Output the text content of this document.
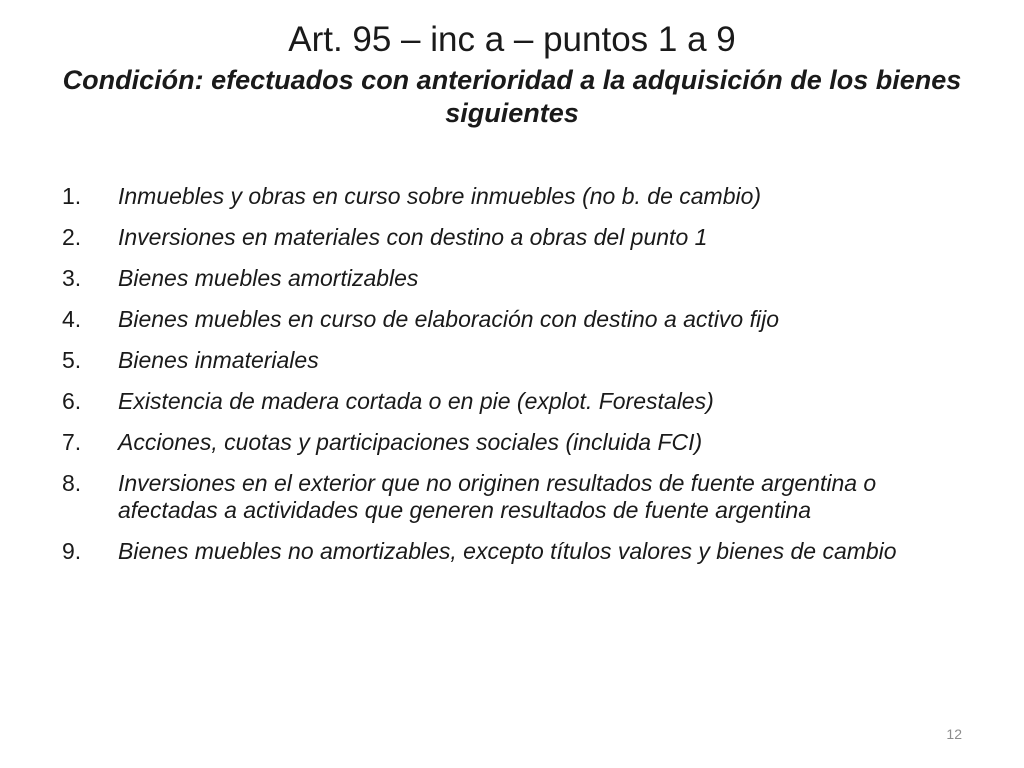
Art. 95 – inc a – puntos 1 a 9
Condición: efectuados con anterioridad a la adquisición de los bienes siguientes
1.	Inmuebles y obras en curso sobre inmuebles (no b. de cambio)
2.	Inversiones en materiales con destino a obras del punto 1
3.	Bienes muebles amortizables
4.	Bienes muebles en curso de elaboración con destino a activo fijo
5.	Bienes inmateriales
6.	Existencia de madera cortada o en pie (explot. Forestales)
7.	Acciones, cuotas y participaciones sociales (incluida FCI)
8.	Inversiones en el exterior que no originen resultados de fuente argentina o afectadas a actividades que generen resultados de fuente argentina
9.	Bienes muebles no amortizables, excepto títulos valores y bienes de cambio
12
